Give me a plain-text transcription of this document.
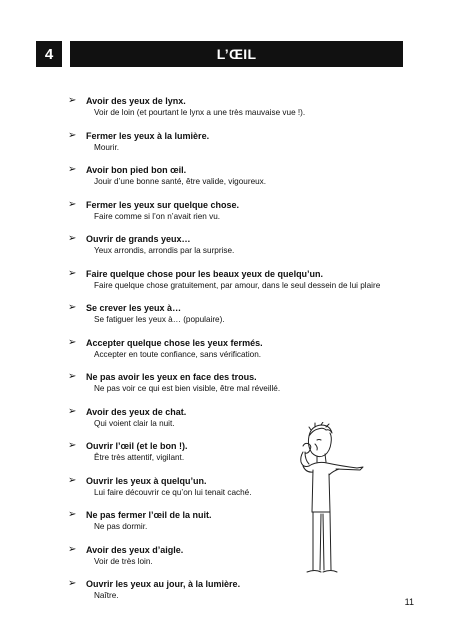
4	L’ŒIL
➢ Avoir des yeux de lynx.
Voir de loin (et pourtant le lynx a une très mauvaise vue !).
➢ Fermer les yeux à la lumière.
Mourir.
➢ Avoir bon pied bon œil.
Jouir d’une bonne santé, être valide, vigoureux.
➢ Fermer les yeux sur quelque chose.
Faire comme si l’on n’avait rien vu.
➢ Ouvrir de grands yeux…
Yeux arrondis, arrondis par la surprise.
➢ Faire quelque chose pour les beaux yeux de quelqu’un.
Faire quelque chose gratuitement, par amour, dans le seul dessein de lui plaire
➢ Se crever les yeux à…
Se fatiguer les yeux à… (populaire).
➢ Accepter quelque chose les yeux fermés.
Accepter en toute confiance, sans vérification.
➢ Ne pas avoir les yeux en face des trous.
Ne pas voir ce qui est bien visible, être mal réveillé.
➢ Avoir des yeux de chat.
Qui voient clair la nuit.
➢ Ouvrir l’œil (et le bon !).
Être très attentif, vigilant.
➢ Ouvrir les yeux à quelqu’un.
Lui faire découvrir ce qu’on lui tenait caché.
➢ Ne pas fermer l’œil de la nuit.
Ne pas dormir.
➢ Avoir des yeux d’aigle.
Voir de très loin.
➢ Ouvrir les yeux au jour, à la lumière.
Naître.
11
